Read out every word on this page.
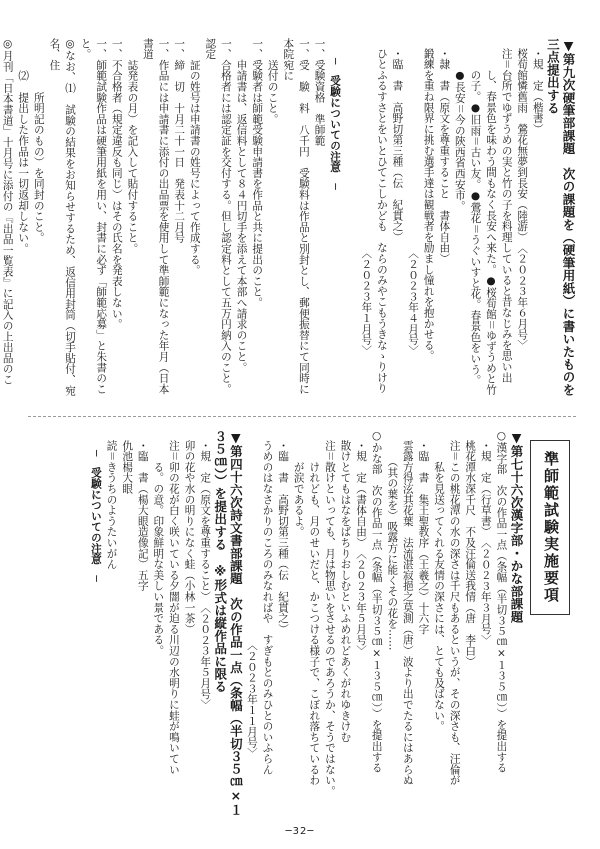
▼第九次硬筆部課題　次の課題を（硬筆用紙）に書いたものを三点提出する

・規　定（楷書）

桜荀館憐舊雨　鶯花無夢到長安（陸游）　〈２０２３年６月号〉

注＝台所でゆずうめの実と竹の子を料理していると昔なじみを思い出

　　し、春景色を味わう間もなく長安へ来た。●桜荀館＝ゆずうめと竹

　　の子。●旧雨＝古い友。●鶯花＝うぐいすと花。春景色をいう。

　　●長安＝今の陝西省西安市。

・隷　書（原文を尊重すること　書体自由）

鍛練を重ね限界に挑む選手達は観戦者を励まし憧れを抱かせる。

　　　　　　　　　　　　　　　　　　　〈２０２３年４月号〉

・臨　書　高野切第三種（伝　紀貫之）

ひとふるすさとをいとひてこしかども　ならのみやこもうきなゝりけり

　　　　　　　　　　　　　　　　　　　〈２０２３年１月号〉

─　受験についての注意　─

一、受験資格　準師範

一、受　験　料　八千円　受験料は作品と別封とし、郵便振替にて同時に本院宛に

　　送付のこと。

一、受験者は師範受験申請書を作品と共に提出のこと。

　　申請書は、返信料として８４円切手を添えて本部へ請求のこと。

一、合格者には認定証を交付する。但し認定料として五万円納入のこと。認定

　　証の姓号は申請書の姓号によって作成する。

一、締　切　十月二十一日　発表十二月号

一、作品には申請書に添付の出品票を使用して準師範になった年月（日本書道

　　誌発表の月）を記入して貼付すること。

一、不合格者（規定違反も同じ）はその氏名を発表しない。

一、師範試験作品は硬筆用紙を用い、封書に必ず「師範応募」と朱書のこと。

◎なお、⑴　試験の結果をお知らせするため、返信用封筒（切手貼付、宛名、住

　　　　　所明記のもの）を同封のこと。

　　　⑵　提出した作品は一切返却しない。

◎月刊「日本書道」十月号に添付の『出品一覧表』に記入の上出品のこ

準師範試験実施要項

▼第七十六次漢字部・かな部課題

○漢字部　次の作品一点（条幅（半切３５㎝×１３５㎝））を提出する

・規　定（行草書）　〈２０２３年３月号〉

桃花潭水深千尺　不及汪倫送我情（唐　李白）

注＝この桃花潭の水の深さは千尺もあるというが、その深さも、汪倫が

　　私を見送ってくれる友情の深さには、とても及ばない。

・臨　書　集王聖教序（王羲之）十六字

雲露方得泫其花葉　法流湛寂挹之莫測（唐）波より出でたるにはあらぬ

　　（其の葉を）吸露方に能くその花を……

○かな部　次の作品一点（条幅（半切３５㎝×１３５㎝））を提出する

・規　定（書体自由）　〈２０２３年５月号〉

散けとてもはなをばちりおしむといふめれどあくがれゆきけむ

注＝散けといっても、月は物思いをさせるのであろうか、そうではない。

　　けれども、月のせいだと、かこつける様子で、こぼれ落ちているわ

　　が涙であるよ。

・臨　書　高野切第三種（伝　紀貫之）

うめのはなさかりのころのみなればや　すぎもとのみひとのいふらん

　　　　　　　　　　　　　　　　　　　〈２０２３年１１月号〉

▼第四十六次詩文書部課題　次の作品一点（条幅（半切３５㎝×１３５㎝））を提出する　※形式は縦作品に限る

・規　定（原文を尊重すること）　〈２０２３年５月号〉

卯の花や水の明りになく蛙（小林一茶）

注＝卯の花が白く咲いている夕闇が迫る川辺の水明りに蛙が鳴いてい

　　る。の意。印象鮮明な美しい景である。

・臨　書（楊大眼造像記）五字

仇池楊大眼

読＝きうちのようたいがん

─　受験についての注意　─

─32─
